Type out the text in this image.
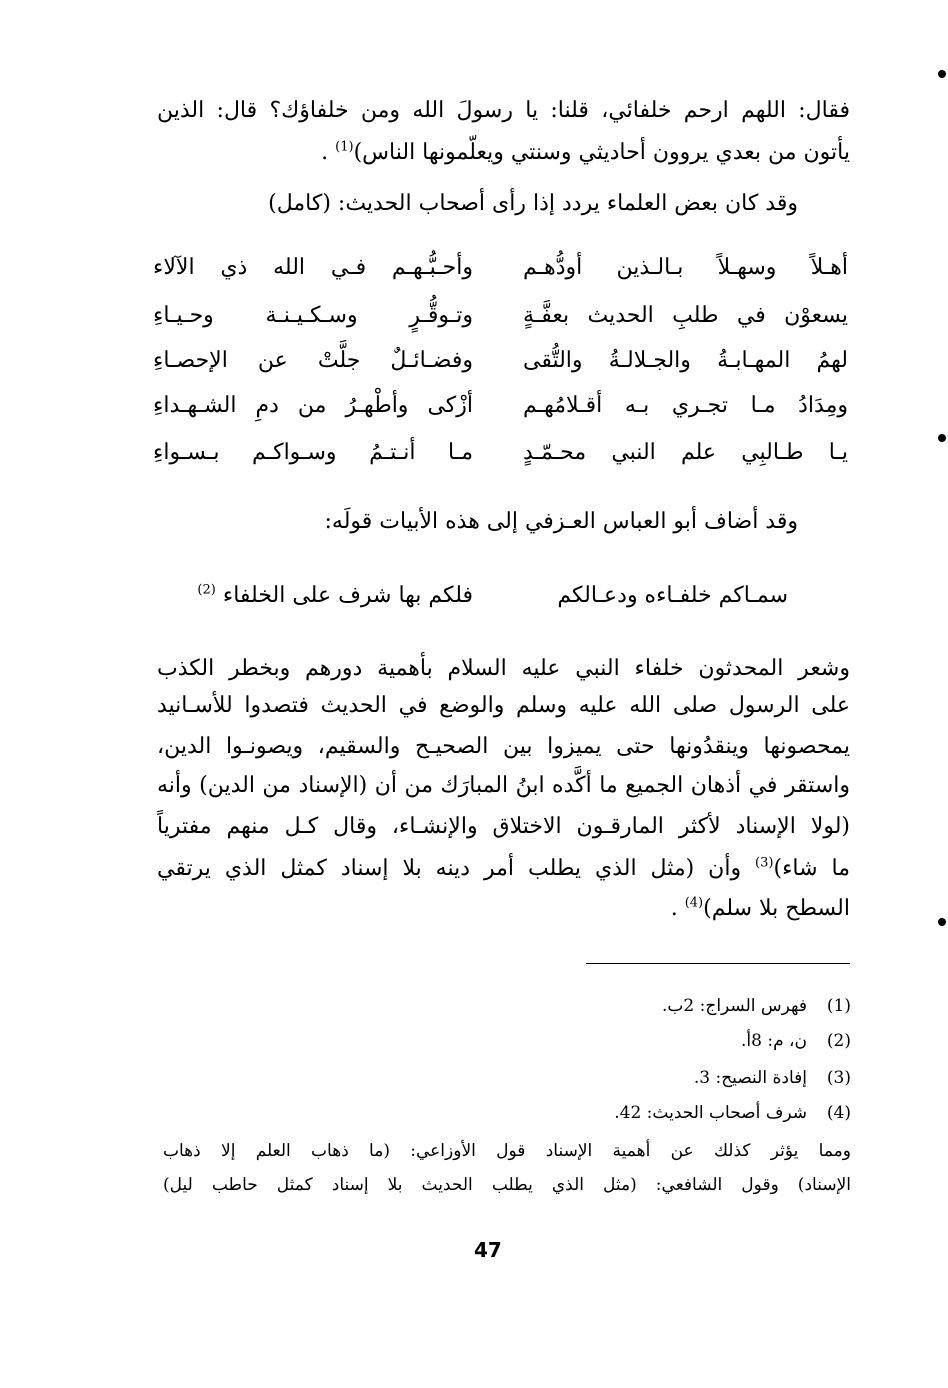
فقال: اللهم ارحم خلفائي، قلنا: يا رسولَ الله ومن خلفاؤك؟ قال: الذين
يأتون من بعدي يروون أحاديثي وسنتي ويعلّمونها الناس)$^{(1)}$ .
وقد كان بعض العلماء يردد إذا رأى أصحاب الحديث: (كامل)
أهـلاً وسهـلاً بـالـذين أودُّهـم
وأحـبُّـهـم فـي الله ذي الآلاء
يسعوْن في طلبِ الحديث بعفَّـةٍ
وتـوقُّـرٍ وسـكـيـنـة وحـيـاءِ
لهمُ المهـابـةُ والجـلالـةُ والتُّقى
وفضـائـلٌ جلَّتْ عن الإحصـاءِ
ومِدَادُ مـا تجـري بـه أقـلامُهـم
أزْكى وأطْهـرُ من دمِ الشـهـداءِ
يـا طـالبِي علم النبي محـمّـدٍ
مـا أنـتـمُ وسـواكـم بـسـواءِ
وقد أضاف أبو العباس العـزفي إلى هذه الأبيات قولَه:
سمـاكم خلفـاءه ودعـالكم
فلكم بها شرف على الخلفاء $^{(2)}$
وشعر المحدثون خلفاء النبي عليه السلام بأهمية دورهم وبخطر الكذب
على الرسول صلى الله عليه وسلم والوضع في الحديث فتصدوا للأسـانيد
يمحصونها وينقدُونها حتى يميزوا بين الصحيـح والسقيم، ويصونـوا الدين،
واستقر في أذهان الجميع ما أكَّده ابنُ المبارَك من أن (الإسناد من الدين) وأنه
(لولا الإسناد لأكثر المارقـون الاختلاق والإنشـاء، وقال كـل منهم مفترياً
ما شاء)$^{(3)}$ وأن (مثل الذي يطلب أمر دينه بلا إسناد كمثل الذي يرتقي
السطح بلا سلم)$^{(4)}$ .
(1)فهرس السراج: 2ب.
(2)ن، م: 8أ.
(3)إفادة النصيح: 3.
(4)شرف أصحاب الحديث: 42.
ومما يؤثر كذلك عن أهمية الإسناد قول الأوزاعي: (ما ذهاب العلم إلا ذهاب
الإسناد) وقول الشافعي: (مثل الذي يطلب الحديث بلا إسناد كمثل حاطب ليل)
47
